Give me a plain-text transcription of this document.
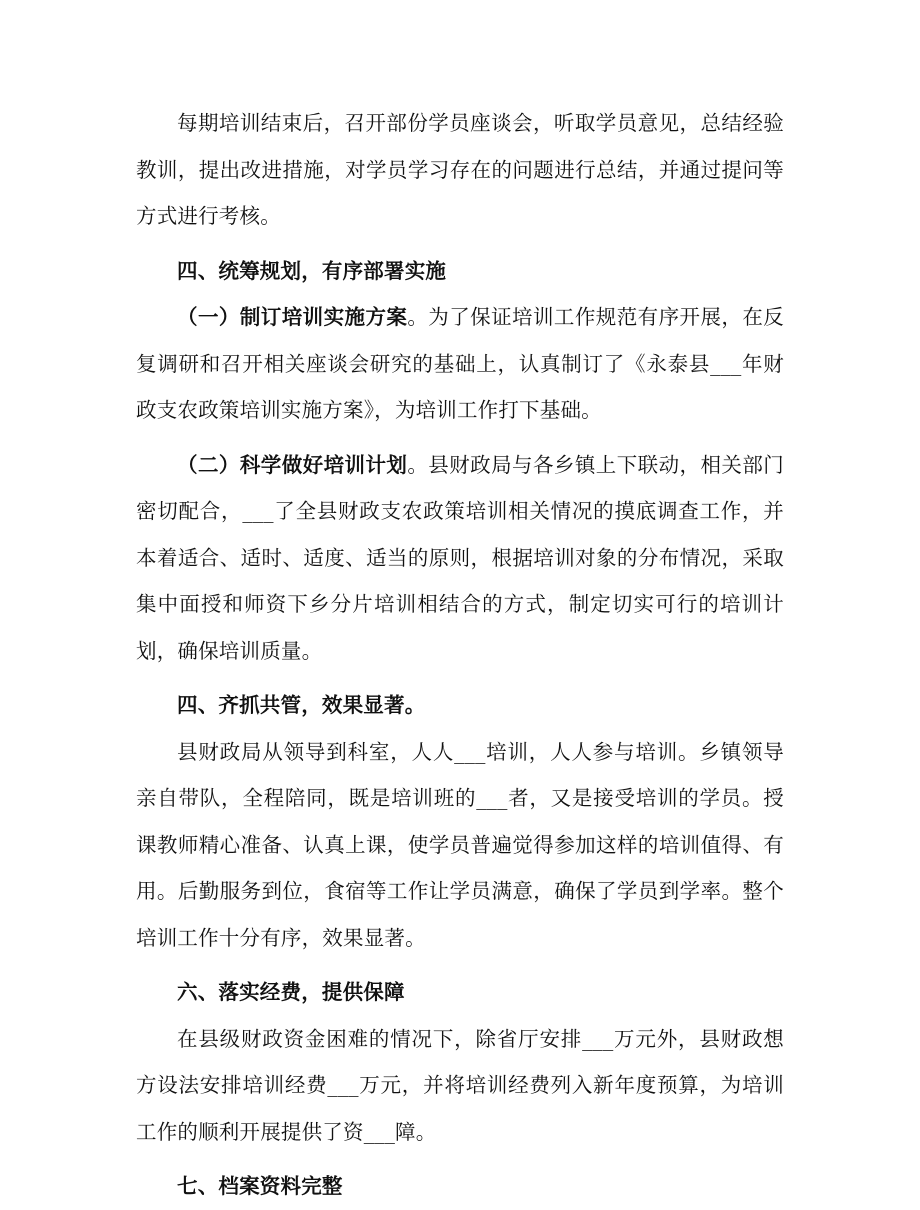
每期培训结束后，召开部份学员座谈会，听取学员意见，总结经验教训，提出改进措施，对学员学习存在的问题进行总结，并通过提问等方式进行考核。

四、统筹规划，有序部署实施

（一）制订培训实施方案。为了保证培训工作规范有序开展，在反复调研和召开相关座谈会研究的基础上，认真制订了《永泰县___年财政支农政策培训实施方案》，为培训工作打下基础。

（二）科学做好培训计划。县财政局与各乡镇上下联动，相关部门密切配合，___了全县财政支农政策培训相关情况的摸底调查工作，并本着适合、适时、适度、适当的原则，根据培训对象的分布情况，采取集中面授和师资下乡分片培训相结合的方式，制定切实可行的培训计划，确保培训质量。

四、齐抓共管，效果显著。

县财政局从领导到科室，人人___培训，人人参与培训。乡镇领导亲自带队，全程陪同，既是培训班的___者，又是接受培训的学员。授课教师精心准备、认真上课，使学员普遍觉得参加这样的培训值得、有用。后勤服务到位，食宿等工作让学员满意，确保了学员到学率。整个培训工作十分有序，效果显著。

六、落实经费，提供保障

在县级财政资金困难的情况下，除省厅安排___万元外，县财政想方设法安排培训经费___万元，并将培训经费列入新年度预算，为培训工作的顺利开展提供了资___障。

七、档案资料完整
